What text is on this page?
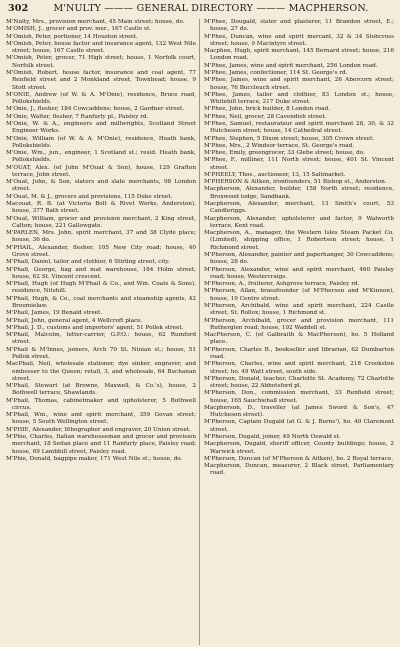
302	M'NULTY ——— GENERAL DIRECTORY ——— MACPHERSON.
M'Nulty, Mrs., provision merchant, 45 Main street; house, do.
M'OMISH, J., grocer and prov. mer., 167 Castle st.
M'Omish, Peter, portioner, 14 Houston street.
M'Omish, Peter, house factor and insurance agent, 132 West Nile street; house, 167 Castle street.
M'Omish, Peter, grocer, 71 High street; house, 1 Norfolk court, Norfolk street.
M'Omish, Robert, house factor, insurance and coal agent, 77 Renfield street and 2 Monkland street, Townhead; house, 9 Stott street.
M'ONIE, Andrew (of W. & A. M'Onie), residence, Bruce road, Pollokshields.
M'Onie, J., flesher, 184 Cowcaddens; house, 2 Gardner street.
M'Onie, Walter, flesher, 7 Ranfurly pl., Paisley rd.
M'Onie, W. & A., engineers and millwrights, Scotland Street Engineer Works.
M'Onie, William (of W. & A. M'Onie), residence, Heath bank, Pollokshields.
M'Onie, Wm., jun., engineer, 1 Scotland st.; resid. Heath bank, Pollokshields.
M'OUAT, Alex. (of John M'Ouat & Son), house, 129 Grafton terrace, John street.
M'Ouat, John, & Son, slaters and slate merchants, 98 London street.
M'Ouat, M. & J., grocers and provisions, 115 Duke street.
Macouat, R. B. (at Victoria Bolt & Rivet Works, Anderston), house, 377 Bath street.
M'Ouat, William, grocer and provision merchant, 2 King street, Calton; house, 221 Gallowgate.
M'PARLEN, Mrs. John, spirit merchant, 37 and 38 Clyde place; house, 36 do.
M'PHAIL, Alexander, flesher, 105 New City road; house, 40 Grove street.
M'Phail, Daniel, tailor and clothier, 6 Stirling street, city.
M'Phail, George, bag and mat warehouse, 184 Holm street; house, 62 St. Vincent crescent.
M'Phail, Hugh (of Hugh M'Phail & Co., and Wm. Coats & Sons), residence, Nitshill.
M'Phail, Hugh, & Co., coal merchants and steamship agents, 42 Broomielaw.
M'Phail, James, 19 Benald street.
M'Phail, John, general agent, 4 Wellcroft place.
M'Phail, J. D., customs and importers' agent, 51 Pollok street.
M'Phail, Malcolm, letter-carrier, G.P.O.; house, 62 Rumford street.
M'Phail & M'Innes, joiners, Arch 70 St. Ninian st.; house, 51 Pollok street.
MacPhail, Neil, wholesale stationer, dye sinker, engraver, and embosser to the Queen; retail, 3, and wholesale, 64 Buchanan street.
M'Phail, Stewart (at Browne, Maxwell, & Co.'s), house, 2 Bothwell terrace, Shawlands.
M'Phail, Thomas, cabinetmaker and upholsterer, 5 Bothwell circus.
M'Phail, Wm., wine and spirit merchant, 359 Govan street; house, 5 South Wellington street.
M'PHIE, Alexander, lithographer and engraver, 20 Union street.
M'Phie, Charles, Italian warehouseman and grocer and provision merchant, 18 Sedan place and 11 Ranfurly place, Paisley road; house, 69 Lambhill street, Paisley road.
M'Phie, Donald, bagpipe maker, 171 West Nile st.; house, do.
M'Phee, Dougald, slater and plasterer, 11 Brandon street, E.; house, 27 do.
M'Phee, Duncan, wine and spirit mercant, 32 & 34 Stobcross street; house, 9 Macintyre street.
Macphee, Hugh, spirit merchant, 145 Bernard street; house, 216 London road.
M'Phee, James, wine and spirit merchant, 256 London road.
M'Phee, James, confectioner, 114 St. George's rd.
M'Phee, James, wine and spirit merchant, 26 Abercorn street; house, 76 Buccleuch street.
M'Phee, James, tailor and clothier, 83 London st.; house, Whitehill terrace, 217 Duke street.
M'Phee, John, brick builder, 8 London road.
M'Phee, Neil, grocer, 28 Cavendish street.
M'Phee, Samuel, restaurateur and spirit merchant 28, 30, & 32 Hutcheson street; house, 14 Cathedral street.
M'Phee, Stephen, 5 Dixon street; house, 305 Crown street.
M'Phee, Mrs., 2 Windsor terrace, St. George's road.
M'Phee, Emily, greengrocer, 33 Glebe street; house, do.
M'Phee, F., milliner, 111 North street; house, 401 St. Vincent street.
M'PHEELY, Thos., auctioneer, 13, 15 Saltmarket.
M'PHERSON & Aitken, ironfounders, 51 Bishop st., Anderston.
Macpherson, Alexander, builder, 158 North street; residence, Broxwood lodge, Sandbank.
Macpherson, Alexander, merchant, 13 Smith's court, 53 Candleriggs.
Macpherson, Alexander, upholsterer and factor, 9 Walworth terrace, Kent road.
Macpherson, A., manager, the Western Isles Steam Packet Co. (Limited), shipping office, 1 Robertson street; house, 1 Richmond street.
M'Pherson, Alexander, painter and paperhanger, 30 Cowcaddens; house, 28 do.
M'Pherson, Alexander, wine and spirit merchant, 460 Paisley road; house, Westercraigs.
M'Pherson, A., fruiterer, Ashgrove terrace, Paisley rd.
M'Pherson, Allan, brassfounder (of M'Pherson and M'Kinnon), house, 19 Centre street.
M'Pherson, Archibald, wine and spirit merchant, 224 Castle street, St. Rollox; house, 1 Richmond st.
M'Pherson, Archibald, grocer and provision merchant, 111 Rutherglen road; house, 192 Waddell st.
MacPherson, C. (of Galbraith & MacPherson), ho. 5 Holland place.
M'Pherson, Charles B., bookseller and librarian, 62 Dumbarton road.
M'Pherson, Charles, wine and spirit merchant, 218 Crookston street; ho. 49 Watt street, south side.
M'Pherson, Donald, teacher, Charlotte St. Academy, 72 Charlotte street; house, 22 Abbotsford pl.
M'Pherson, Don., commission merchant, 33 Renfield street; house, 165 Sauchiehall street.
Macpherson, D., traveller (at James Sword & Son's, 47 Hutcheson street).
M'Pherson, Captain Dugald (at G. & J. Burns'), ho. 40 Claremont street.
M'Pherson, Dugald, joiner, 49 North Oswald st.
Macpherson, Dugald, sheriff officer, County buildings; house, 2 Warwick street.
M'Pherson, Duncan (of M'Pherson & Aitken), ho. 2 Royal terrace.
Macpherson, Duncan, measurer, 2 Black street, Parliamentary road.
